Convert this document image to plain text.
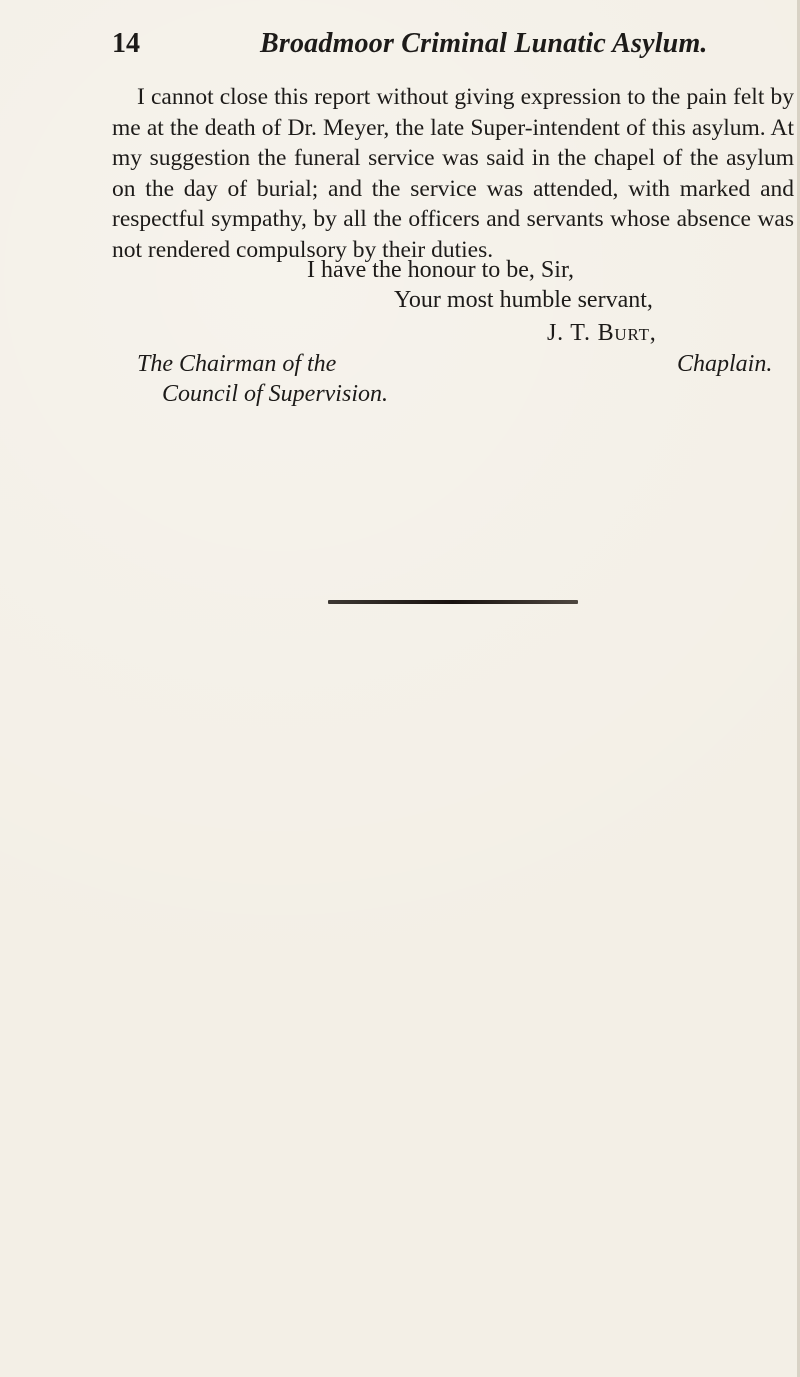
14	Broadmoor Criminal Lunatic Asylum.
I cannot close this report without giving expression to the pain felt by me at the death of Dr. Meyer, the late Super-intendent of this asylum. At my suggestion the funeral service was said in the chapel of the asylum on the day of burial; and the service was attended, with marked and respectful sympathy, by all the officers and servants whose absence was not rendered compulsory by their duties.
I have the honour to be, Sir,
Your most humble servant,
J. T. Burt,
The Chairman of the	Chaplain.
Council of Supervision.
